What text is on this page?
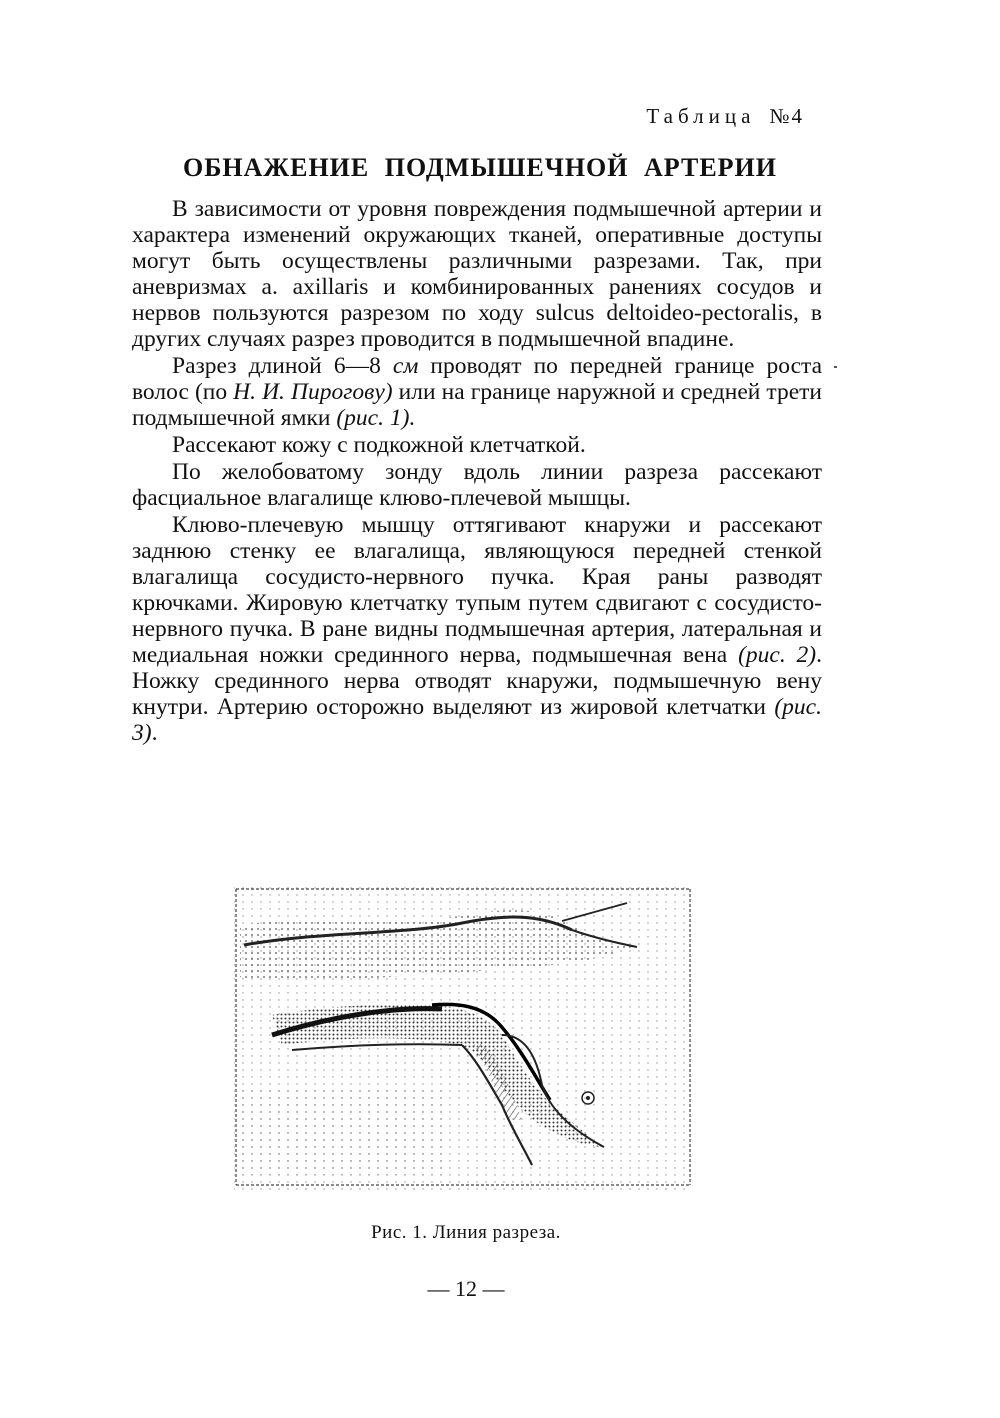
Таблица №4
ОБНАЖЕНИЕ ПОДМЫШЕЧНОЙ АРТЕРИИ

В зависимости от уровня повреждения подмышечной артерии и характера изменений окружающих тканей, оперативные доступы могут быть осуществлены различными разрезами. Так, при аневризмах a. axillaris и комбинированных ранениях сосудов и нервов пользуются разрезом по ходу sulcus deltoideo-pectoralis, в других случаях разрез проводится в подмышечной впадине.

Разрез длиной 6—8 см проводят по передней границе роста волос (по Н. И. Пирогову) или на границе наружной и средней трети подмышечной ямки (рис. 1).

Рассекают кожу с подкожной клетчаткой.

По желобоватому зонду вдоль линии разреза рассекают фасциальное влагалище клюво-плечевой мышцы.

Клюво-плечевую мышцу оттягивают кнаружи и рассекают заднюю стенку ее влагалища, являющуюся передней стенкой влагалища сосудисто-нервного пучка. Края раны разводят крючками. Жировую клетчатку тупым путем сдвигают с сосудисто-нервного пучка. В ране видны подмышечная артерия, латеральная и медиальная ножки срединного нерва, подмышечная вена (рис. 2). Ножку срединного нерва отводят кнаружи, подмышечную вену кнутри. Артерию осторожно выделяют из жировой клетчатки (рис. 3).

Рис. 1. Линия разреза.
— 12 —
